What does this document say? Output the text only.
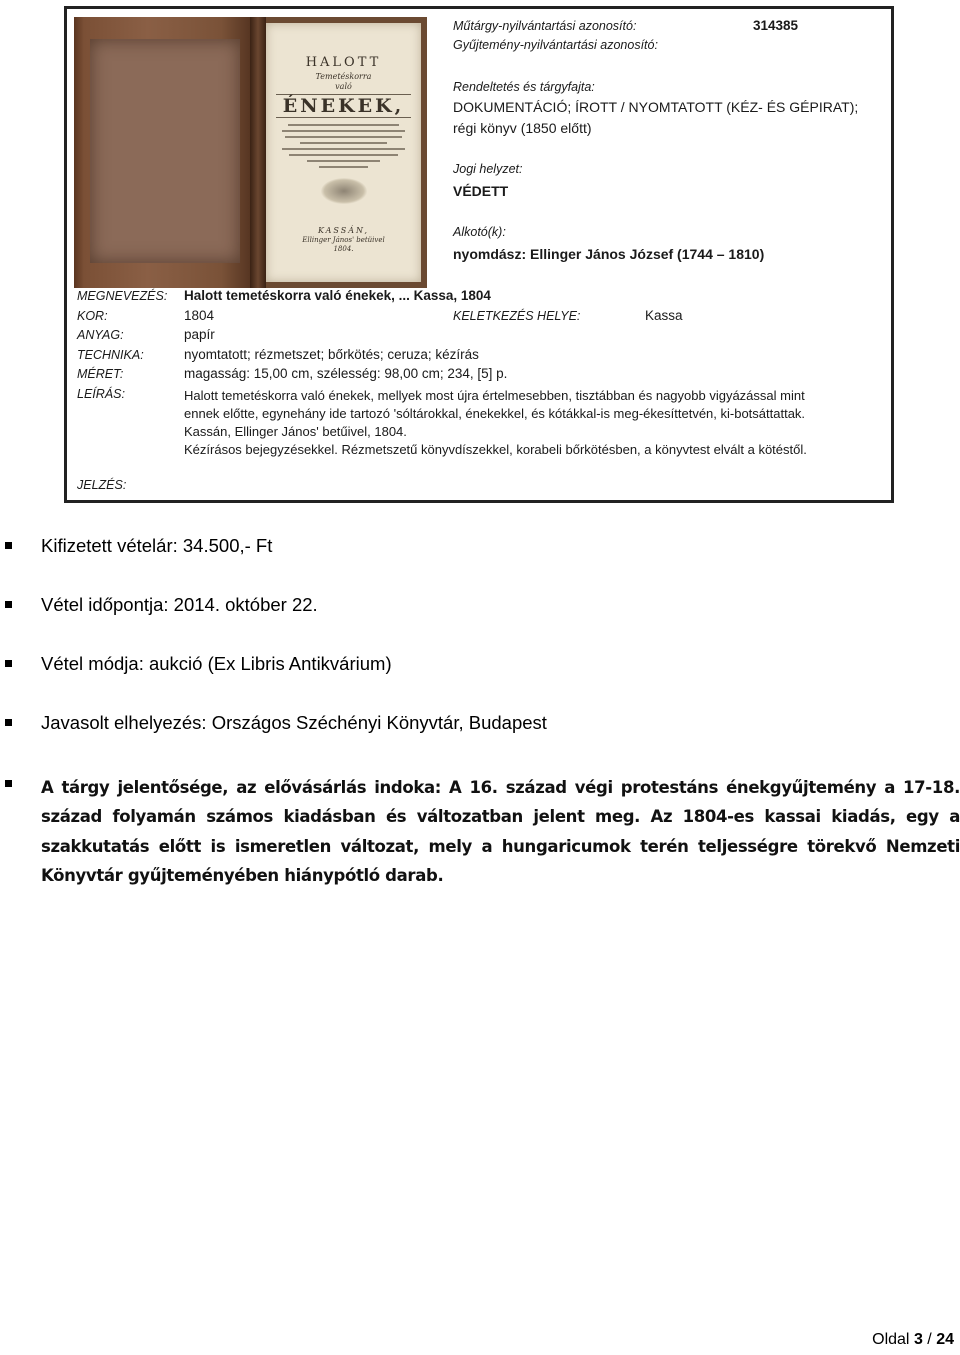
HALOTT
Temetéskorra
való
ÉNEKEK,
KASSÁN,
Ellinger János' betüivel
1804.
Műtárgy-nyilvántartási azonosító:	314385
Gyűjtemény-nyilvántartási azonosító:
Rendeltetés és tárgyfajta:
DOKUMENTÁCIÓ; ÍROTT / NYOMTATOTT (KÉZ- ÉS GÉPIRAT);
régi könyv (1850 előtt)
Jogi helyzet:
VÉDETT
Alkotó(k):
nyomdász: Ellinger János József (1744 – 1810)
MEGNEVEZÉS: Halott temetéskorra való énekek, ... Kassa, 1804
KOR:	1804	KELETKEZÉS HELYE:	Kassa
ANYAG:	papír
TECHNIKA:	nyomtatott; rézmetszet; bőrkötés; ceruza; kézírás
MÉRET:	magasság: 15,00 cm, szélesség: 98,00 cm; 234, [5] p.
LEÍRÁS:	Halott temetéskorra való énekek, mellyek most újra értelmesebben, tisztábban és nagyobb vigyázással mint
ennek előtte, egynehány ide tartozó 'sóltárokkal, énekekkel, és kótákkal-is meg-ékesíttetvén, ki-botsáttattak.
Kassán, Ellinger János' betűivel, 1804.
Kézírásos bejegyzésekkel. Rézmetszetű könyvdíszekkel, korabeli bőrkötésben, a könyvtest elvált a kötéstől.
JELZÉS:
Kifizetett vételár: 34.500,- Ft
Vétel időpontja: 2014. október 22.
Vétel módja: aukció (Ex Libris Antikvárium)
Javasolt elhelyezés: Országos Széchényi Könyvtár, Budapest
A tárgy jelentősége, az elővásárlás indoka: A 16. század végi protestáns énekgyűjtemény a 17-18. század folyamán számos kiadásban és változatban jelent meg. Az 1804-es kassai kiadás, egy a szakkutatás előtt is ismeretlen változat, mely a hungaricumok terén teljességre törekvő Nemzeti Könyvtár gyűjteményében hiánypótló darab.
Oldal 3 / 24
